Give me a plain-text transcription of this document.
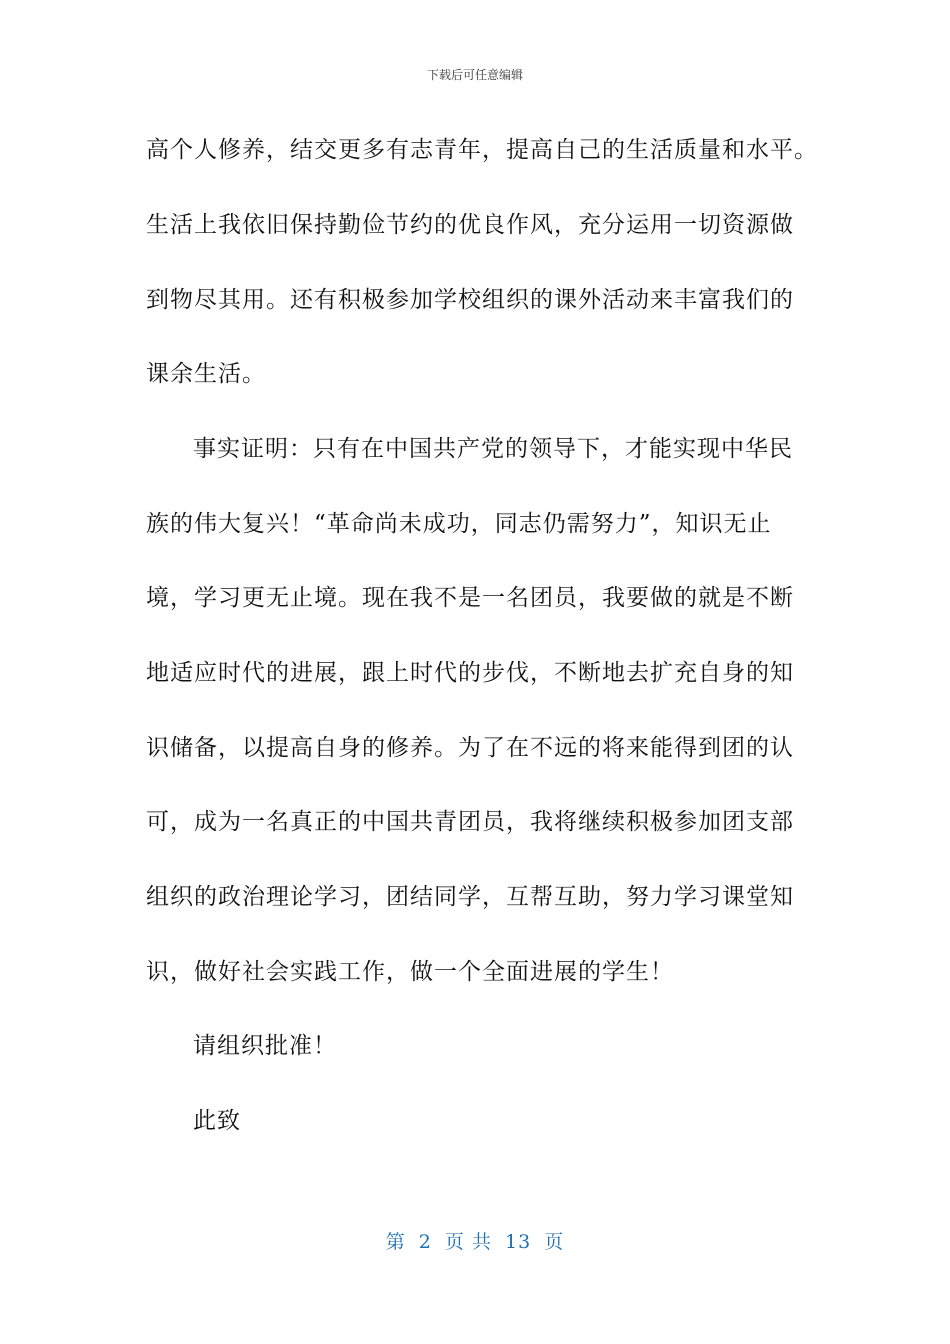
下载后可任意编辑
高个人修养，结交更多有志青年，提高自己的生活质量和水平。
生活上我依旧保持勤俭节约的优良作风，充分运用一切资源做
到物尽其用。还有积极参加学校组织的课外活动来丰富我们的
课余生活。
事实证明：只有在中国共产党的领导下，才能实现中华民
族的伟大复兴！“革命尚未成功，同志仍需努力”，知识无止
境，学习更无止境。现在我不是一名团员，我要做的就是不断
地适应时代的进展，跟上时代的步伐，不断地去扩充自身的知
识储备，以提高自身的修养。为了在不远的将来能得到团的认
可，成为一名真正的中国共青团员，我将继续积极参加团支部
组织的政治理论学习，团结同学，互帮互助，努力学习课堂知
识，做好社会实践工作，做一个全面进展的学生！
请组织批准！
此致
第 2 页 共 13 页
